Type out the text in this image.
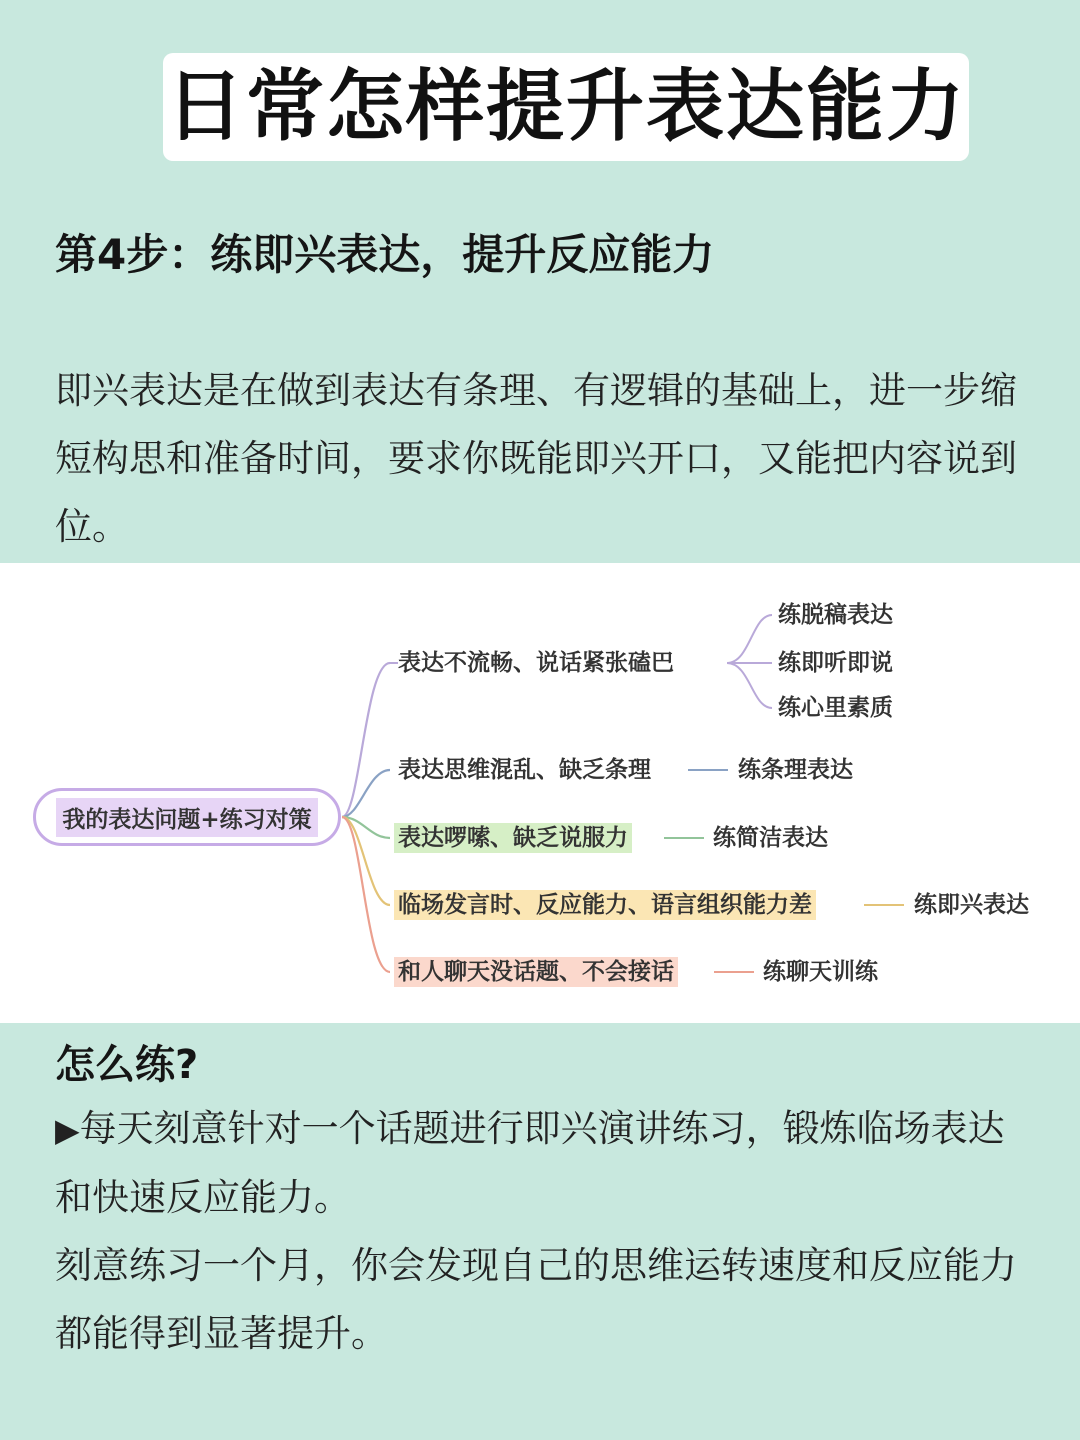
日常怎样提升表达能力
第4步：练即兴表达，提升反应能力
即兴表达是在做到表达有条理、有逻辑的基础上，进一步缩短构思和准备时间，要求你既能即兴开口，又能把内容说到位。
我的表达问题+练习对策
表达不流畅、说话紧张磕巴
练脱稿表达
练即听即说
练心里素质
表达思维混乱、缺乏条理	练条理表达
表达啰嗦、缺乏说服力	练简洁表达
临场发言时、反应能力、语言组织能力差	练即兴表达
和人聊天没话题、不会接话	练聊天训练
怎么练?

▶每天刻意针对一个话题进行即兴演讲练习，锻炼临场表达和快速反应能力。

刻意练习一个月，你会发现自己的思维运转速度和反应能力都能得到显著提升。
